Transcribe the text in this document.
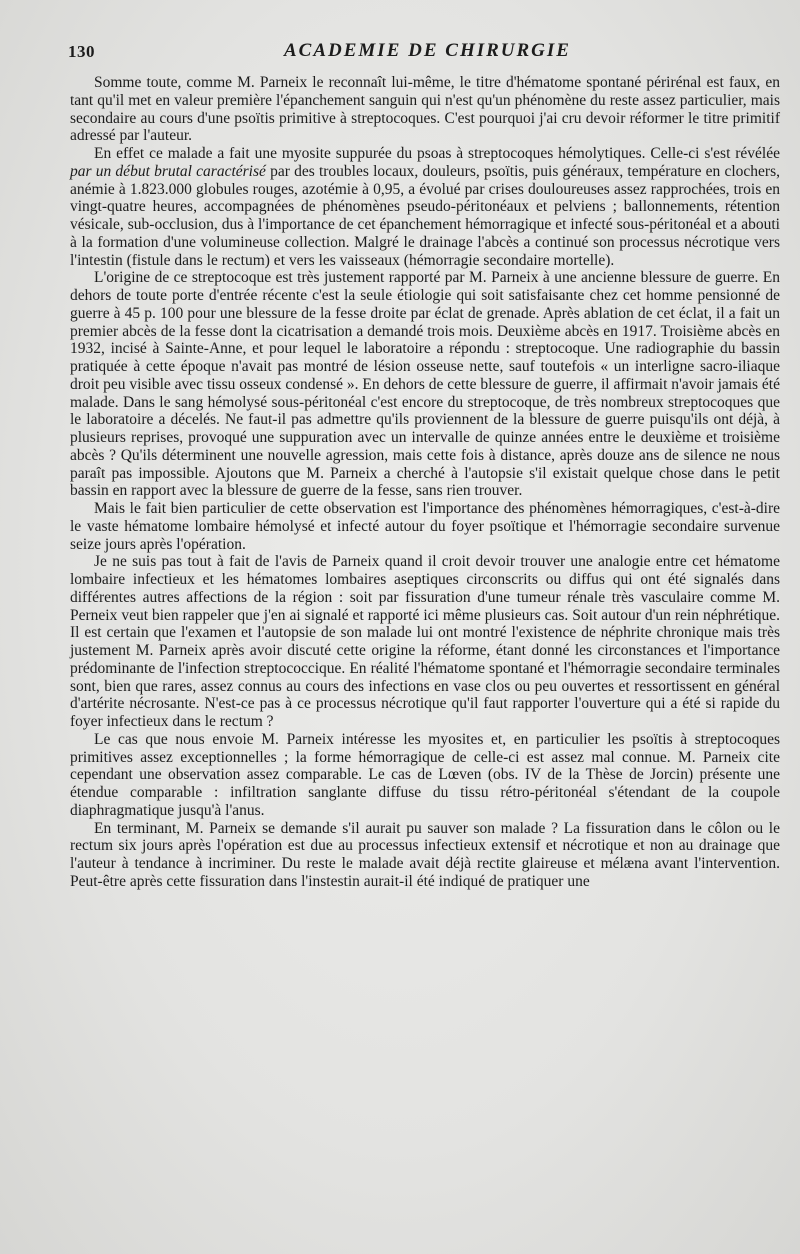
130	ACADEMIE DE CHIRURGIE

Somme toute, comme M. Parneix le reconnaît lui-même, le titre d'hématome spontané périrénal est faux, en tant qu'il met en valeur première l'épanchement sanguin qui n'est qu'un phénomène du reste assez particulier, mais secondaire au cours d'une psoïtis primitive à streptocoques. C'est pourquoi j'ai cru devoir réformer le titre primitif adressé par l'auteur.

En effet ce malade a fait une myosite suppurée du psoas à streptocoques hémolytiques. Celle-ci s'est révélée par un début brutal caractérisé par des troubles locaux, douleurs, psoïtis, puis généraux, température en clochers, anémie à 1.823.000 globules rouges, azotémie à 0,95, a évolué par crises douloureuses assez rapprochées, trois en vingt-quatre heures, accompagnées de phénomènes pseudo-péritonéaux et pelviens ; ballonnements, rétention vésicale, sub-occlusion, dus à l'importance de cet épanchement hémorragique et infecté sous-péritonéal et a abouti à la formation d'une volumineuse collection. Malgré le drainage l'abcès a continué son processus nécrotique vers l'intestin (fistule dans le rectum) et vers les vaisseaux (hémorragie secondaire mortelle).

L'origine de ce streptocoque est très justement rapporté par M. Parneix à une ancienne blessure de guerre. En dehors de toute porte d'entrée récente c'est la seule étiologie qui soit satisfaisante chez cet homme pensionné de guerre à 45 p. 100 pour une blessure de la fesse droite par éclat de grenade. Après ablation de cet éclat, il a fait un premier abcès de la fesse dont la cicatrisation a demandé trois mois. Deuxième abcès en 1917. Troisième abcès en 1932, incisé à Sainte-Anne, et pour lequel le laboratoire a répondu : streptocoque. Une radiographie du bassin pratiquée à cette époque n'avait pas montré de lésion osseuse nette, sauf toutefois « un interligne sacro-iliaque droit peu visible avec tissu osseux condensé ». En dehors de cette blessure de guerre, il affirmait n'avoir jamais été malade. Dans le sang hémolysé sous-péritonéal c'est encore du streptocoque, de très nombreux streptocoques que le laboratoire a décelés. Ne faut-il pas admettre qu'ils proviennent de la blessure de guerre puisqu'ils ont déjà, à plusieurs reprises, provoqué une suppuration avec un intervalle de quinze années entre le deuxième et troisième abcès ? Qu'ils déterminent une nouvelle agression, mais cette fois à distance, après douze ans de silence ne nous paraît pas impossible. Ajoutons que M. Parneix a cherché à l'autopsie s'il existait quelque chose dans le petit bassin en rapport avec la blessure de guerre de la fesse, sans rien trouver.

Mais le fait bien particulier de cette observation est l'importance des phénomènes hémorragiques, c'est-à-dire le vaste hématome lombaire hémolysé et infecté autour du foyer psoïtique et l'hémorragie secondaire survenue seize jours après l'opération.

Je ne suis pas tout à fait de l'avis de Parneix quand il croit devoir trouver une analogie entre cet hématome lombaire infectieux et les hématomes lombaires aseptiques circonscrits ou diffus qui ont été signalés dans différentes autres affections de la région : soit par fissuration d'une tumeur rénale très vasculaire comme M. Perneix veut bien rappeler que j'en ai signalé et rapporté ici même plusieurs cas. Soit autour d'un rein néphrétique. Il est certain que l'examen et l'autopsie de son malade lui ont montré l'existence de néphrite chronique mais très justement M. Parneix après avoir discuté cette origine la réforme, étant donné les circonstances et l'importance prédominante de l'infection streptococcique. En réalité l'hématome spontané et l'hémorragie secondaire terminales sont, bien que rares, assez connus au cours des infections en vase clos ou peu ouvertes et ressortissent en général d'artérite nécrosante. N'est-ce pas à ce processus nécrotique qu'il faut rapporter l'ouverture qui a été si rapide du foyer infectieux dans le rectum ?

Le cas que nous envoie M. Parneix intéresse les myosites et, en particulier les psoïtis à streptocoques primitives assez exceptionnelles ; la forme hémorragique de celle-ci est assez mal connue. M. Parneix cite cependant une observation assez comparable. Le cas de Lœven (obs. IV de la Thèse de Jorcin) présente une étendue comparable : infiltration sanglante diffuse du tissu rétro-péritonéal s'étendant de la coupole diaphragmatique jusqu'à l'anus.

En terminant, M. Parneix se demande s'il aurait pu sauver son malade ? La fissuration dans le côlon ou le rectum six jours après l'opération est due au processus infectieux extensif et nécrotique et non au drainage que l'auteur à tendance à incriminer. Du reste le malade avait déjà rectite glaireuse et mélæna avant l'intervention. Peut-être après cette fissuration dans l'instestin aurait-il été indiqué de pratiquer une
